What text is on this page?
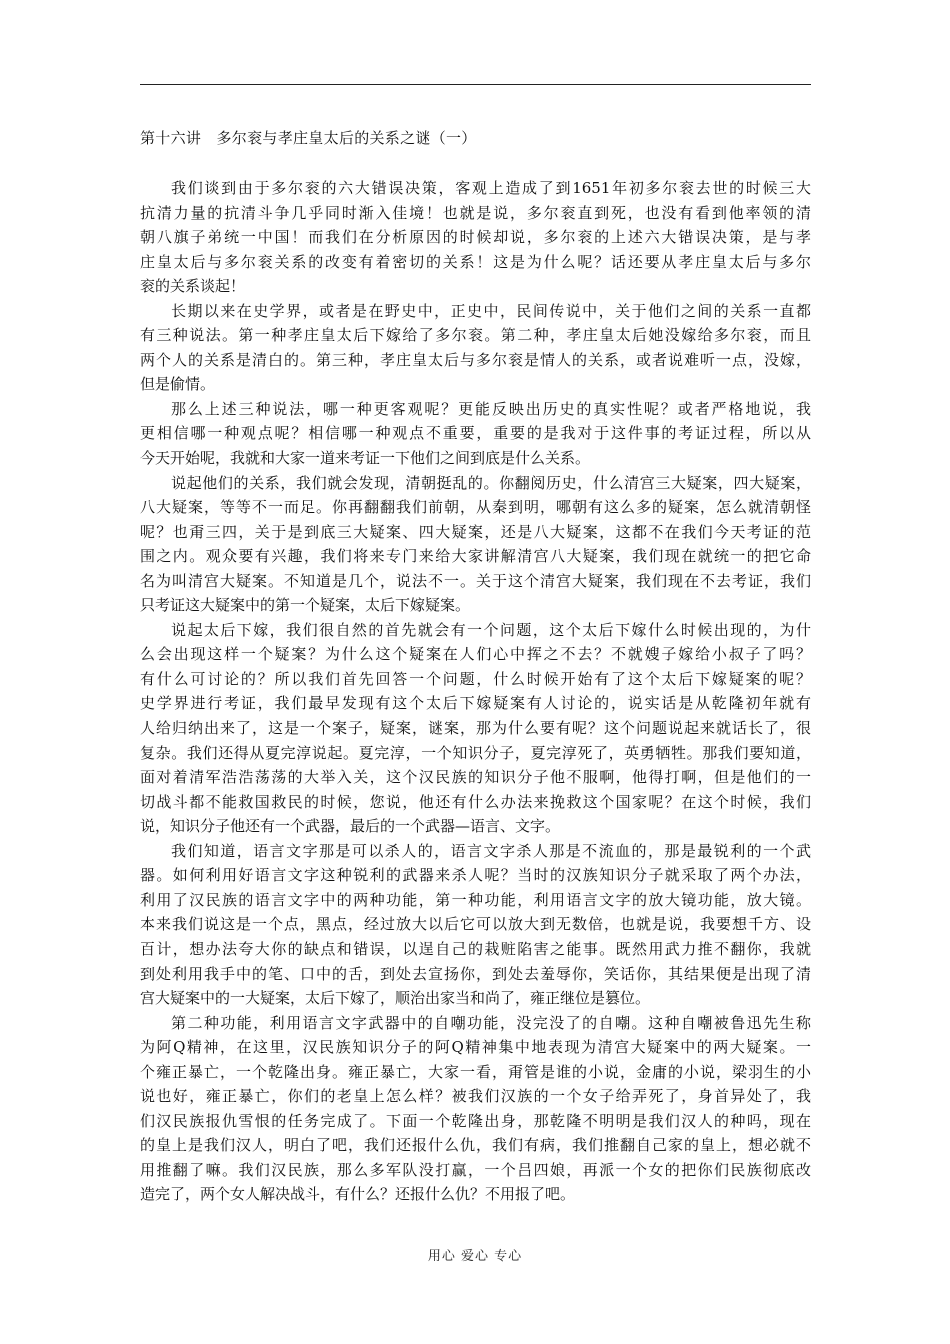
第十六讲　多尔衮与孝庄皇太后的关系之谜（一）
我们谈到由于多尔衮的六大错误决策，客观上造成了到1651年初多尔衮去世的时候三大
抗清力量的抗清斗争几乎同时渐入佳境！也就是说，多尔衮直到死，也没有看到他率领的清
朝八旗子弟统一中国！而我们在分析原因的时候却说，多尔衮的上述六大错误决策，是与孝
庄皇太后与多尔衮关系的改变有着密切的关系！这是为什么呢？话还要从孝庄皇太后与多尔
衮的关系谈起！
长期以来在史学界，或者是在野史中，正史中，民间传说中，关于他们之间的关系一直都
有三种说法。第一种孝庄皇太后下嫁给了多尔衮。第二种，孝庄皇太后她没嫁给多尔衮，而且
两个人的关系是清白的。第三种，孝庄皇太后与多尔衮是情人的关系，或者说难听一点，没嫁，
但是偷情。
那么上述三种说法，哪一种更客观呢？更能反映出历史的真实性呢？或者严格地说，我
更相信哪一种观点呢？相信哪一种观点不重要，重要的是我对于这件事的考证过程，所以从
今天开始呢，我就和大家一道来考证一下他们之间到底是什么关系。
说起他们的关系，我们就会发现，清朝挺乱的。你翻阅历史，什么清宫三大疑案，四大疑案，
八大疑案，等等不一而足。你再翻翻我们前朝，从秦到明，哪朝有这么多的疑案，怎么就清朝怪
呢？也甭三四，关于是到底三大疑案、四大疑案，还是八大疑案，这都不在我们今天考证的范
围之内。观众要有兴趣，我们将来专门来给大家讲解清宫八大疑案，我们现在就统一的把它命
名为叫清宫大疑案。不知道是几个，说法不一。关于这个清宫大疑案，我们现在不去考证，我们
只考证这大疑案中的第一个疑案，太后下嫁疑案。
说起太后下嫁，我们很自然的首先就会有一个问题，这个太后下嫁什么时候出现的，为什
么会出现这样一个疑案？为什么这个疑案在人们心中挥之不去？不就嫂子嫁给小叔子了吗？
有什么可讨论的？所以我们首先回答一个问题，什么时候开始有了这个太后下嫁疑案的呢？
史学界进行考证，我们最早发现有这个太后下嫁疑案有人讨论的，说实话是从乾隆初年就有
人给归纳出来了，这是一个案子，疑案，谜案，那为什么要有呢？这个问题说起来就话长了，很
复杂。我们还得从夏完淳说起。夏完淳，一个知识分子，夏完淳死了，英勇牺牲。那我们要知道，
面对着清军浩浩荡荡的大举入关，这个汉民族的知识分子他不服啊，他得打啊，但是他们的一
切战斗都不能救国救民的时候，您说，他还有什么办法来挽救这个国家呢？在这个时候，我们
说，知识分子他还有一个武器，最后的一个武器—语言、文字。
我们知道，语言文字那是可以杀人的，语言文字杀人那是不流血的，那是最锐利的一个武
器。如何利用好语言文字这种锐利的武器来杀人呢？当时的汉族知识分子就采取了两个办法，
利用了汉民族的语言文字中的两种功能，第一种功能，利用语言文字的放大镜功能，放大镜。
本来我们说这是一个点，黑点，经过放大以后它可以放大到无数倍，也就是说，我要想千方、设
百计，想办法夸大你的缺点和错误，以逞自己的栽赃陷害之能事。既然用武力推不翻你，我就
到处利用我手中的笔、口中的舌，到处去宣扬你，到处去羞辱你，笑话你，其结果便是出现了清
宫大疑案中的一大疑案，太后下嫁了，顺治出家当和尚了，雍正继位是篡位。
第二种功能，利用语言文字武器中的自嘲功能，没完没了的自嘲。这种自嘲被鲁迅先生称
为阿Q精神，在这里，汉民族知识分子的阿Q精神集中地表现为清宫大疑案中的两大疑案。一
个雍正暴亡，一个乾隆出身。雍正暴亡，大家一看，甭管是谁的小说，金庸的小说，梁羽生的小
说也好，雍正暴亡，你们的老皇上怎么样？被我们汉族的一个女子给弄死了，身首异处了，我
们汉民族报仇雪恨的任务完成了。下面一个乾隆出身，那乾隆不明明是我们汉人的种吗，现在
的皇上是我们汉人，明白了吧，我们还报什么仇，我们有病，我们推翻自己家的皇上，想必就不
用推翻了嘛。我们汉民族，那么多军队没打赢，一个吕四娘，再派一个女的把你们民族彻底改
造完了，两个女人解决战斗，有什么？还报什么仇？不用报了吧。
用心 爱心 专心
